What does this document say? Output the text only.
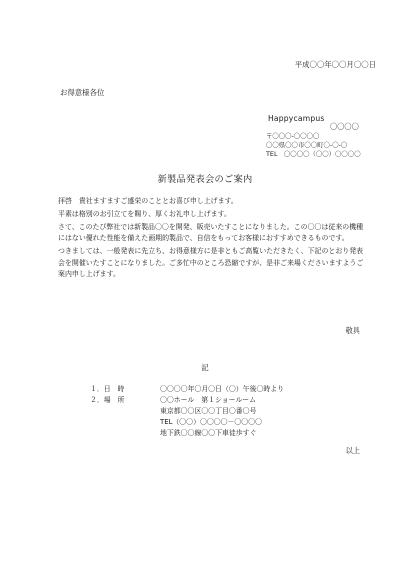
平成〇〇年〇〇月〇〇日
お得意様各位
Happycampus
〇〇〇〇
〒〇〇〇-〇〇〇〇
〇〇県〇〇市〇〇町〇-〇-〇
TEL　〇〇〇〇（〇〇）〇〇〇〇
新製品発表会のご案内

拝啓　貴社ますますご盛栄のこととお喜び申し上げます。

平素は格別のお引立てを賜り、厚くお礼申し上げます。

さて、このたび弊社では新製品〇〇を開発、販売いたすことになりました。この〇〇は従来の機種にはない優れた性能を備えた画期的製品で、自信をもってお客様におすすめできるものです。

つきましては、一般発表に先立ち、お得意様方に是非ともご高覧いただきたく、下記のとおり発表会を開催いたすことになりました。ご多忙中のところ恐縮ですが、是非ご来場くださいますようご案内申し上げます。

敬具
記
１．日　時	〇〇〇〇年〇月〇日（〇）午後〇時より
２．場　所	〇〇ホール　第１ショールーム
東京都〇〇区〇〇丁目〇番〇号
TEL（〇〇）〇〇〇〇－〇〇〇〇
地下鉄〇〇線〇〇下車徒歩すぐ
以上
